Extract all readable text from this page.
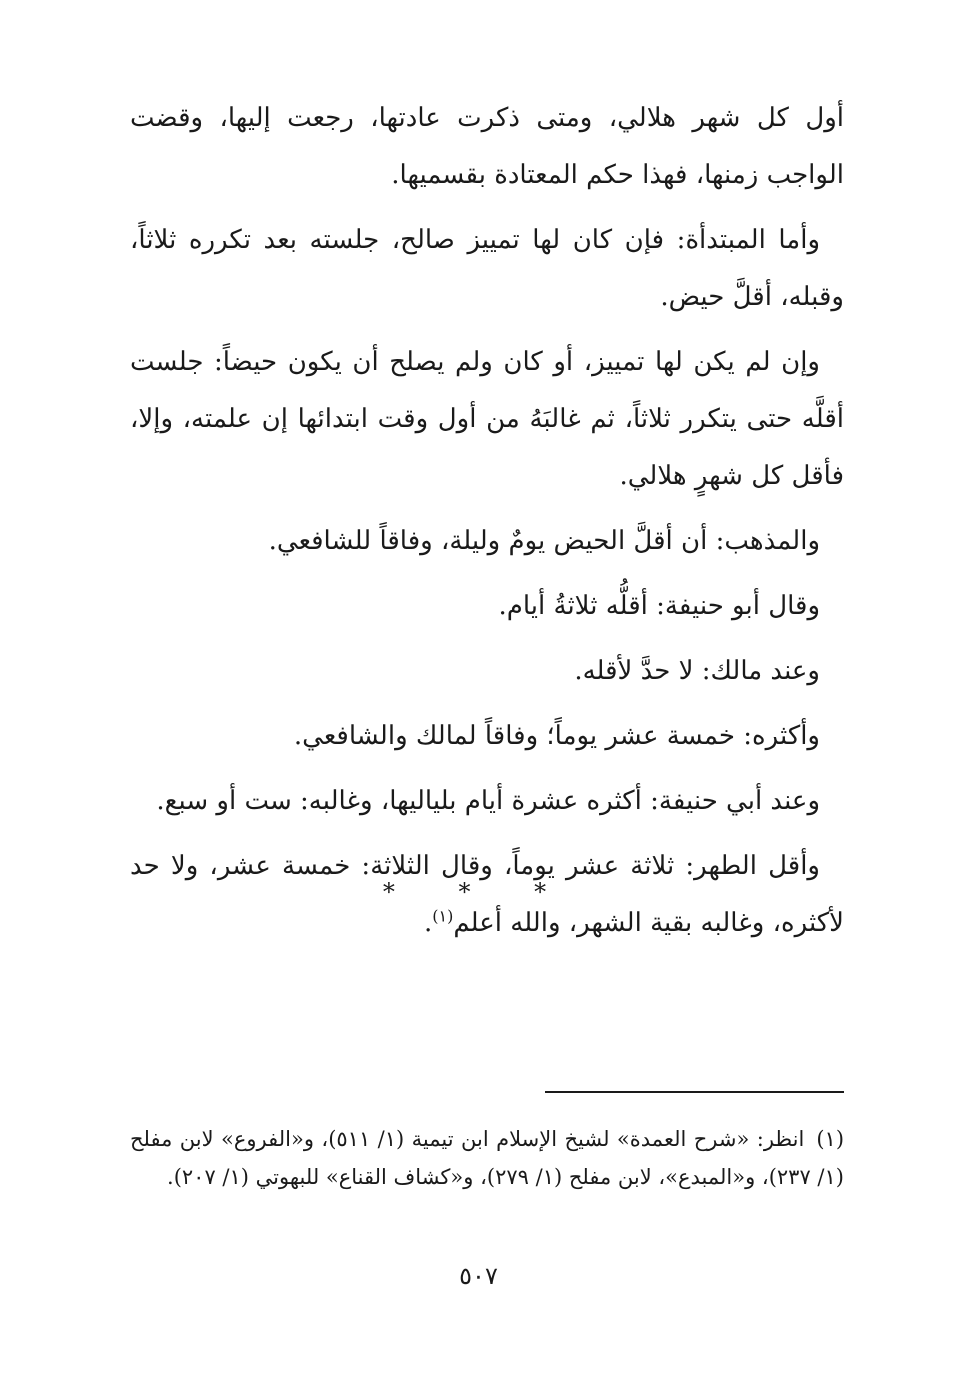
أول كل شهر هلالي، ومتى ذكرت عادتها، رجعت إليها، وقضت الواجب زمنها، فهذا حكم المعتادة بقسميها.

وأما المبتدأة: فإن كان لها تمييز صالح، جلسته بعد تكرره ثلاثاً، وقبله، أقلَّ حيض.

وإن لم يكن لها تمييز، أو كان ولم يصلح أن يكون حيضاً: جلست أقلَّه حتى يتكرر ثلاثاً، ثم غالبَهُ من أول وقت ابتدائها إن علمته، وإلا، فأقل كل شهرٍ هلالي.

والمذهب: أن أقلَّ الحيض يومٌ وليلة، وفاقاً للشافعي.

وقال أبو حنيفة: أقلُّه ثلاثةُ أيام.

وعند مالك: لا حدَّ لأقله.

وأكثره: خمسة عشر يوماً؛ وفاقاً لمالك والشافعي.

وعند أبي حنيفة: أكثره عشرة أيام بلياليها، وغالبه: ست أو سبع.

وأقل الطهر: ثلاثة عشر يوماً، وقال الثلاثة: خمسة عشر، ولا حد لأكثره، وغالبه بقية الشهر، والله أعلم$^{(١)}$.

* * *

(١)انظر: «شرح العمدة» لشيخ الإسلام ابن تيمية (١/ ٥١١)، و«الفروع» لابن مفلح (١/ ٢٣٧)، و«المبدع»، لابن مفلح (١/ ٢٧٩)، و«كشاف القناع» للبهوتي (١/ ٢٠٧).

٥٠٧
